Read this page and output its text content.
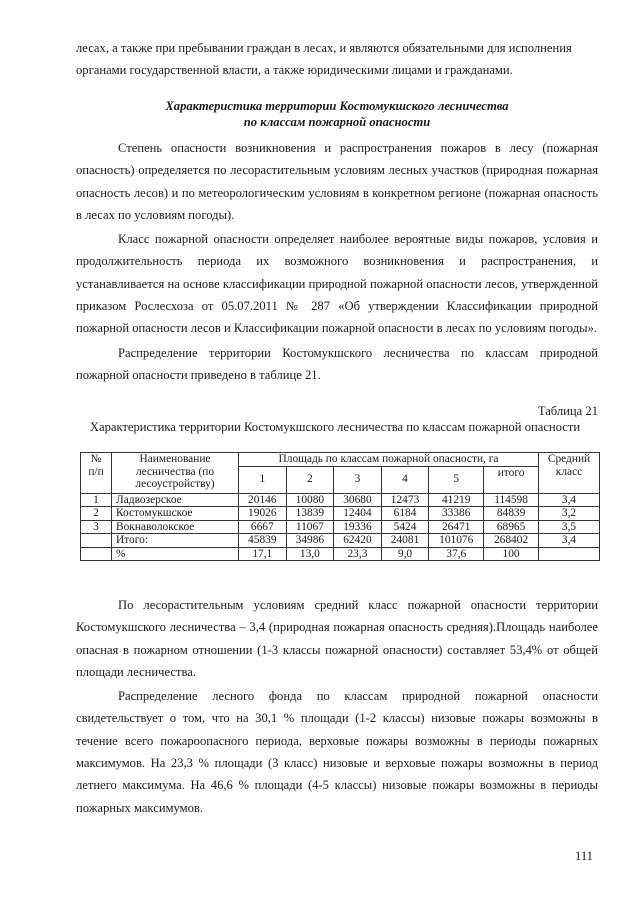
лесах, а также при пребывании граждан в лесах, и являются обязательными для исполнения

органами государственной власти, а также юридическими лицами и гражданами.

Характеристика территории Костомукшского лесничества
по классам пожарной опасности

Степень опасности возникновения и распространения пожаров в лесу (пожарная опасность) определяется по лесорастительным условиям лесных участков (природная пожарная опасность лесов) и по метеорологическим условиям в конкретном регионе (пожарная опасность в лесах по условиям погоды).

Класс пожарной опасности определяет наиболее вероятные виды пожаров, условия и продолжительность периода их возможного возникновения и распространения, и устанавливается на основе классификации природной пожарной опасности лесов, утвержденной приказом Рослесхоза от 05.07.2011 № 287 «Об утверждении Классификации природной пожарной опасности лесов и Классификации пожарной опасности в лесах по условиям погоды».

Распределение территории Костомукшского лесничества по классам природной пожарной опасности приведено в таблице 21.

Таблица 21
Характеристика территории Костомукшского лесничества по классам пожарной опасности
№ п/п	Наименование лесничества (по лесоустройству)	Площадь по классам пожарной опасности, га						Средний класс
		1	2	3	4	5	итого	
1	Ладвозерское	20146	10080	30680	12473	41219	114598	3,4
2	Костомукшское	19026	13839	12404	6184	33386	84839	3,2
3	Вокнаволокское	6667	11067	19336	5424	26471	68965	3,5
	Итого:	45839	34986	62420	24081	101076	268402	3,4
	%	17,1	13,0	23,3	9,0	37,6	100	

По лесорастительным условиям средний класс пожарной опасности территории Костомукшского лесничества – 3,4 (природная пожарная опасность средняя).Площадь наиболее опасная в пожарном отношении (1-3 классы пожарной опасности) составляет 53,4% от общей площади лесничества.

Распределение лесного фонда по классам природной пожарной опасности свидетельствует о том, что на 30,1 % площади (1-2 классы) низовые пожары возможны в течение всего пожароопасного периода, верховые пожары возможны в периоды пожарных максимумов. На 23,3 % площади (3 класс) низовые и верховые пожары возможны в период летнего максимума. На 46,6 % площади (4-5 классы) низовые пожары возможны в периоды пожарных максимумов.

111
